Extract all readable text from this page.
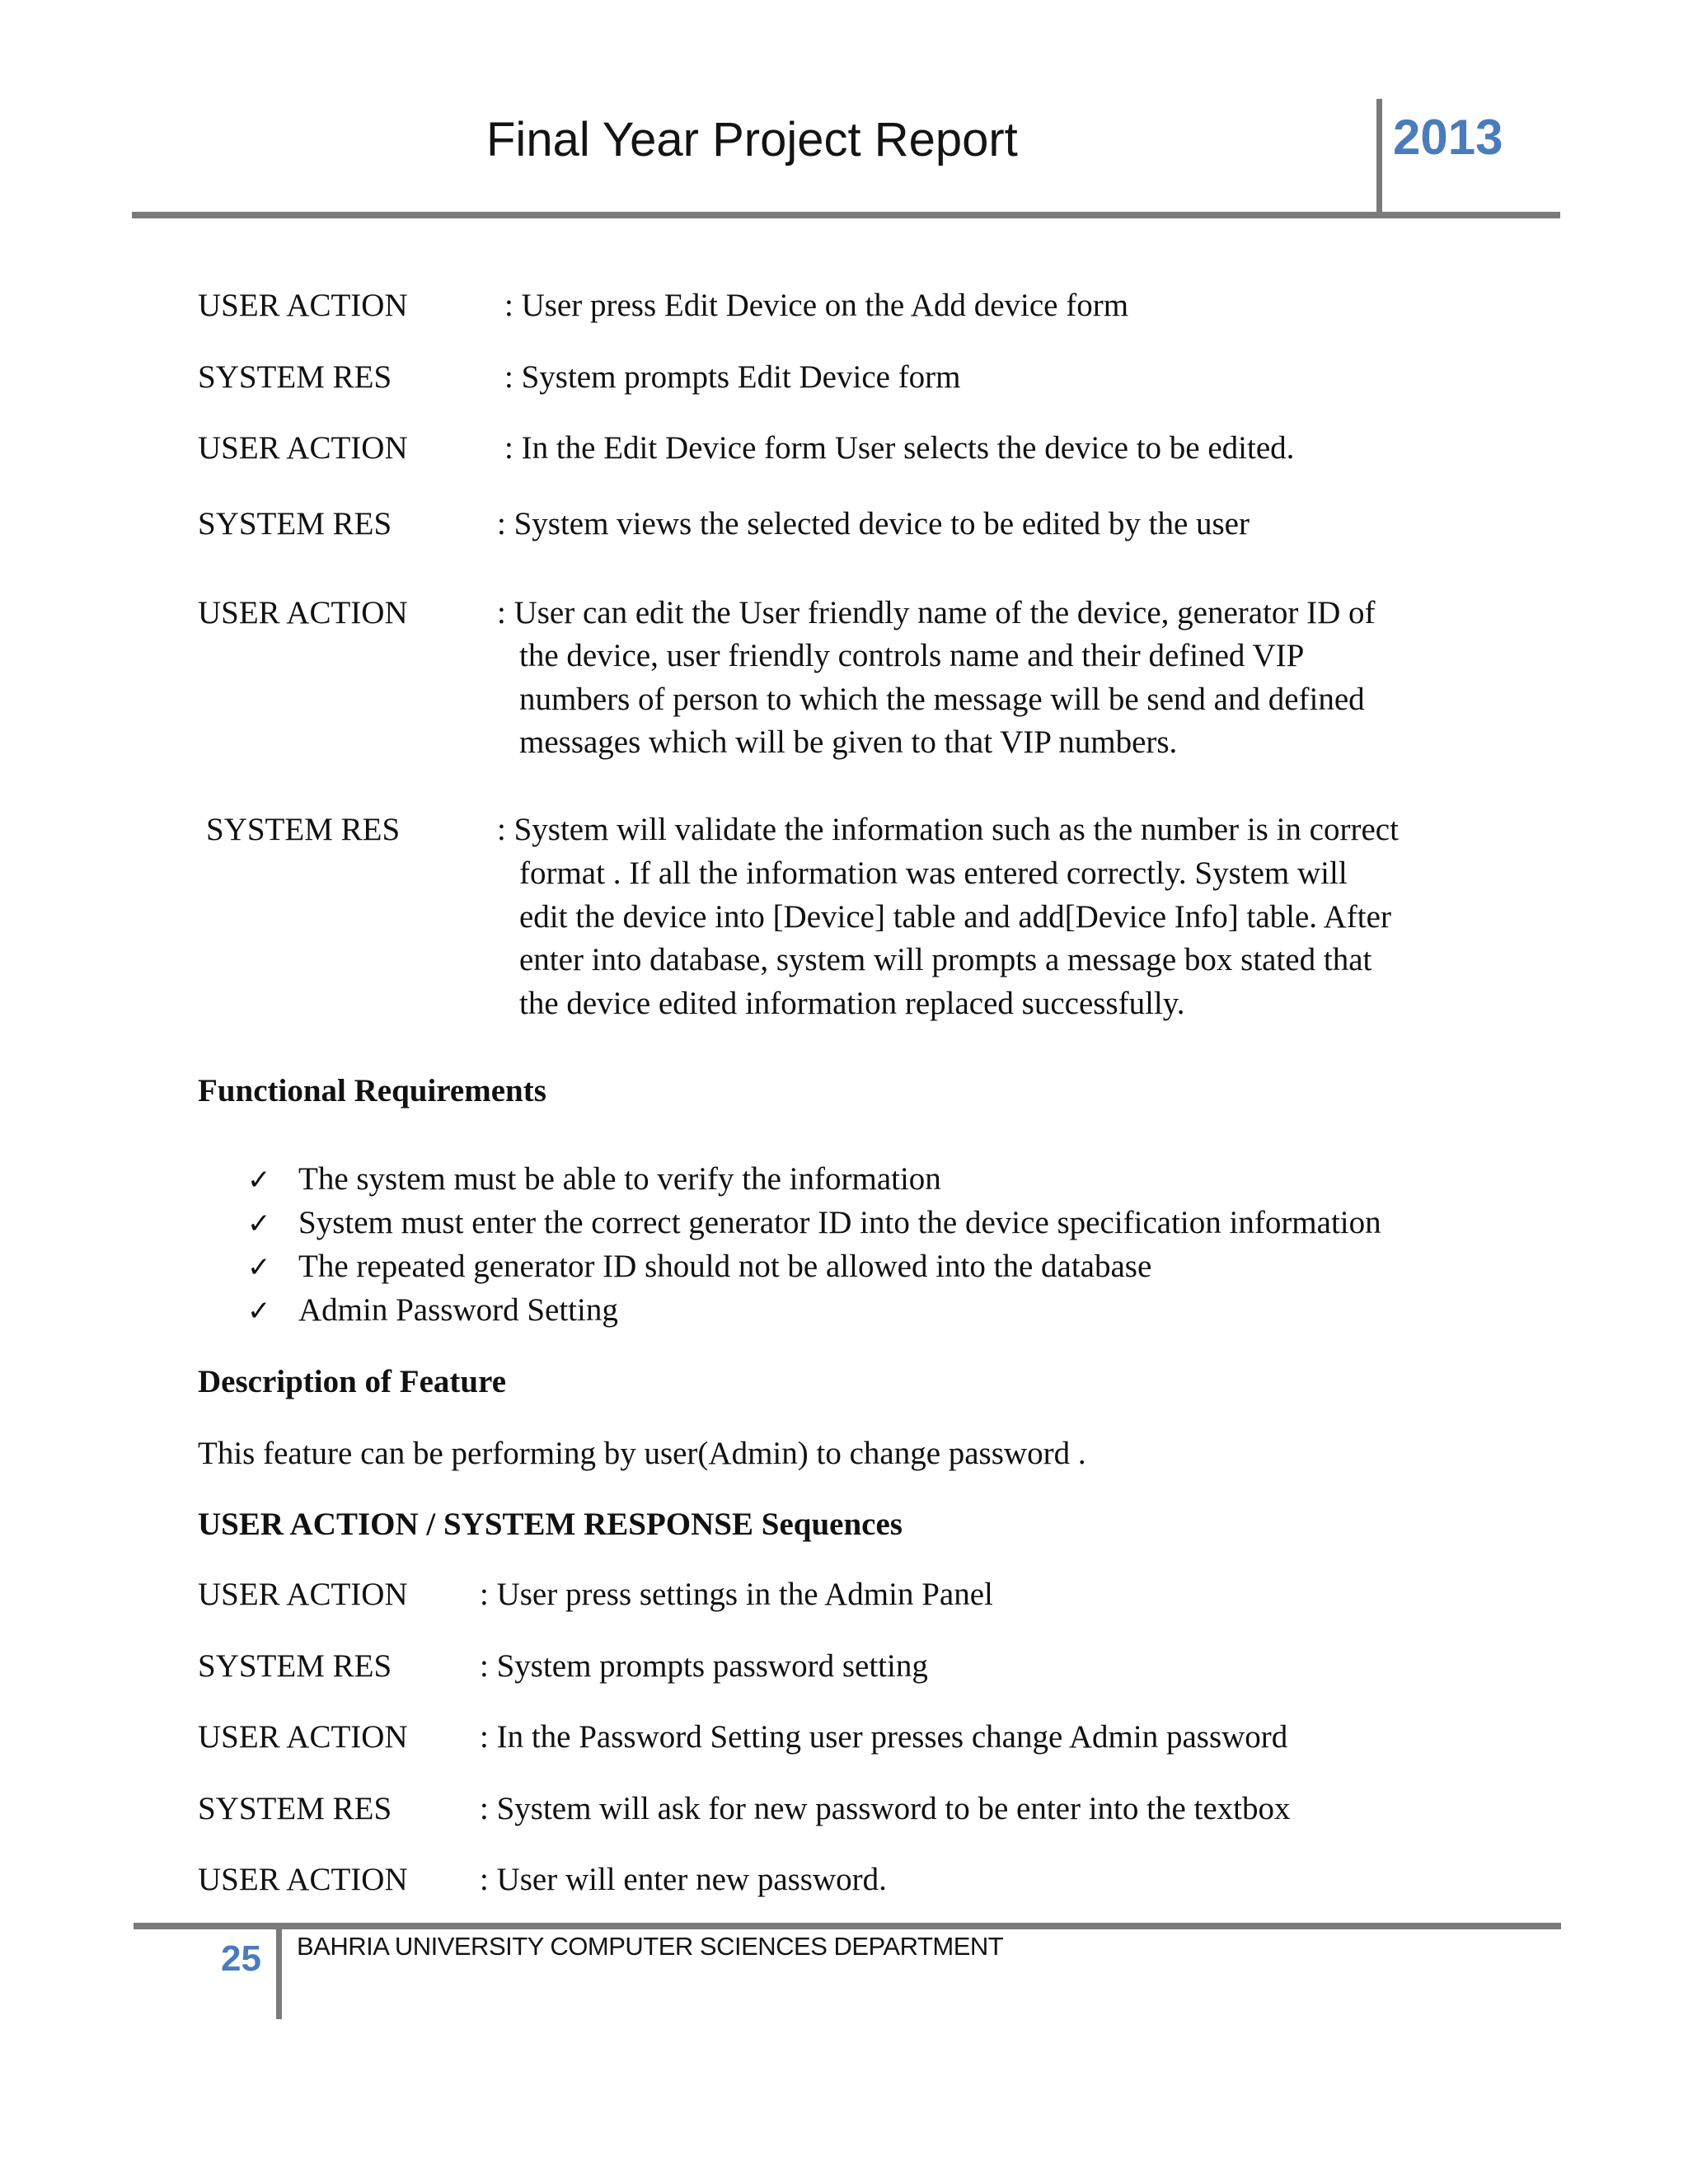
Final Year Project Report	2013
USER ACTION	: User press Edit Device on the Add device form
SYSTEM RES	: System prompts Edit Device form
USER ACTION	: In the Edit Device form User selects the device to be edited.
SYSTEM RES	: System views the selected device to be edited by the user
USER ACTION	: User can edit the User friendly name of the device, generator ID of
the device, user friendly controls name and their defined VIP
numbers of person to which the message will be send and defined
messages which will be given to that VIP numbers.
SYSTEM RES	: System will validate the information such as the number is in correct
format . If all the information was entered correctly. System will
edit the device into [Device] table and add[Device Info] table. After
enter into database, system will prompts a message box stated that
the device edited information replaced successfully.
Functional Requirements
✓ The system must be able to verify the information
✓ System must enter the correct generator ID into the device specification information
✓ The repeated generator ID should not be allowed into the database
✓ Admin Password Setting
Description of Feature
This feature can be performing by user(Admin) to change password .
USER ACTION / SYSTEM RESPONSE Sequences
USER ACTION : User press settings in the Admin Panel
SYSTEM RES	: System prompts password setting
USER ACTION : In the Password Setting user presses change Admin password
SYSTEM RES	: System will ask for new password to be enter into the textbox
USER ACTION : User will enter new password.
25 BAHRIA UNIVERSITY COMPUTER SCIENCES DEPARTMENT
